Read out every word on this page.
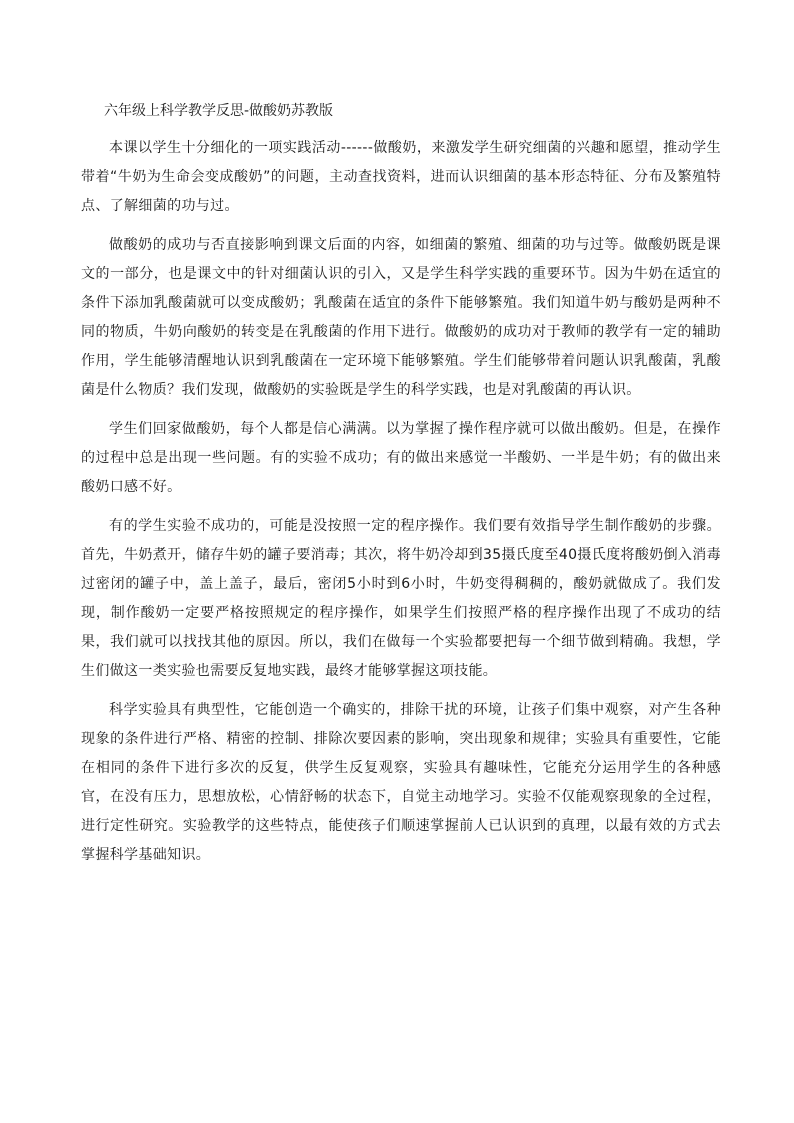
六年级上科学教学反思-做酸奶苏教版

本课以学生十分细化的一项实践活动------做酸奶，来激发学生研究细菌的兴趣和愿望，推动学生带着“牛奶为生命会变成酸奶”的问题，主动查找资料，进而认识细菌的基本形态特征、分布及繁殖特点、了解细菌的功与过。

做酸奶的成功与否直接影响到课文后面的内容，如细菌的繁殖、细菌的功与过等。做酸奶既是课文的一部分，也是课文中的针对细菌认识的引入，又是学生科学实践的重要环节。因为牛奶在适宜的条件下添加乳酸菌就可以变成酸奶；乳酸菌在适宜的条件下能够繁殖。我们知道牛奶与酸奶是两种不同的物质，牛奶向酸奶的转变是在乳酸菌的作用下进行。做酸奶的成功对于教师的教学有一定的辅助作用，学生能够清醒地认识到乳酸菌在一定环境下能够繁殖。学生们能够带着问题认识乳酸菌，乳酸菌是什么物质？我们发现，做酸奶的实验既是学生的科学实践，也是对乳酸菌的再认识。

学生们回家做酸奶，每个人都是信心满满。以为掌握了操作程序就可以做出酸奶。但是，在操作的过程中总是出现一些问题。有的实验不成功；有的做出来感觉一半酸奶、一半是牛奶；有的做出来酸奶口感不好。

有的学生实验不成功的，可能是没按照一定的程序操作。我们要有效指导学生制作酸奶的步骤。首先，牛奶煮开，储存牛奶的罐子要消毒；其次，将牛奶冷却到35摄氏度至40摄氏度将酸奶倒入消毒过密闭的罐子中，盖上盖子，最后，密闭5小时到6小时，牛奶变得稠稠的，酸奶就做成了。我们发现，制作酸奶一定要严格按照规定的程序操作，如果学生们按照严格的程序操作出现了不成功的结果，我们就可以找找其他的原因。所以，我们在做每一个实验都要把每一个细节做到精确。我想，学生们做这一类实验也需要反复地实践，最终才能够掌握这项技能。

科学实验具有典型性，它能创造一个确实的，排除干扰的环境，让孩子们集中观察，对产生各种现象的条件进行严格、精密的控制、排除次要因素的影响，突出现象和规律；实验具有重要性，它能在相同的条件下进行多次的反复，供学生反复观察，实验具有趣味性，它能充分运用学生的各种感官，在没有压力，思想放松，心情舒畅的状态下，自觉主动地学习。实验不仅能观察现象的全过程，进行定性研究。实验教学的这些特点，能使孩子们顺速掌握前人已认识到的真理，以最有效的方式去掌握科学基础知识。
